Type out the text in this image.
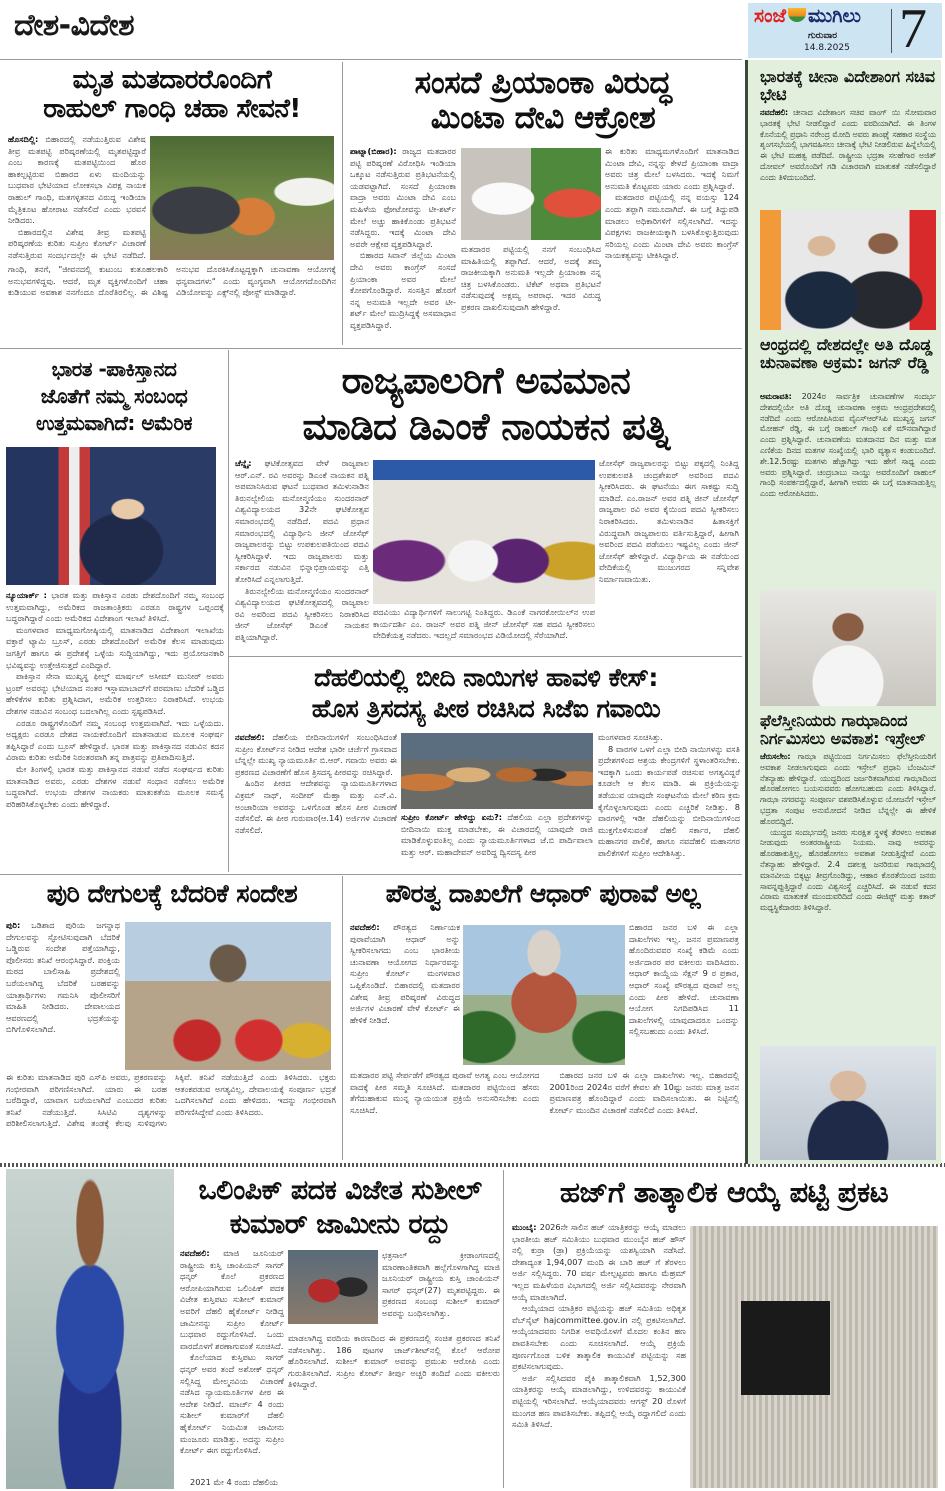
ದೇಶ-ವಿದೇಶ	ಸಂಜೆ ಮುಗಿಲು
ಗುರುವಾರ
14.8.2025 7
ಮೃತ ಮತದಾರರೊಂದಿಗೆ
ರಾಹುಲ್ ಗಾಂಧಿ ಚಹಾ ಸೇವನೆ!

ಹೊಸದಿಲ್ಲಿ: ಬಿಹಾರದಲ್ಲಿ ನಡೆಯುತ್ತಿರುವ ವಿಶೇಷ ತೀವ್ರ ಮತಪಟ್ಟಿ ಪರಿಷ್ಕರಣೆಯಲ್ಲಿ ಮೃತಪಟ್ಟಿದ್ದಾರೆ ಎಂಬ ಕಾರಣಕ್ಕೆ ಮತಪಟ್ಟಿಯಿಂದ ಹೊರ ಹಾಕಲ್ಪಟ್ಟಿರುವ ಬಿಹಾರದ ಏಳು ಮಂದಿಯನ್ನು ಬುಧವಾರ ಭೇಟಿಯಾದ ಲೋಕಸಭಾ ವಿಪಕ್ಷ ನಾಯಕ ರಾಹುಲ್ ಗಾಂಧಿ, ಮತಗಳ್ಳತನದ ವಿರುದ್ಧ ಇಂಡಿಯಾ ಮೈತ್ರಿಕೂಟ ಹೋರಾಟ ನಡೆಸಲಿದೆ ಎಂದು ಭರವಸೆ ನೀಡಿದರು.

ಬಿಹಾರದಲ್ಲಿನ ವಿಶೇಷ ತೀವ್ರ ಮತಪಟ್ಟಿ ಪರಿಷ್ಕರಣೆಯ ಕುರಿತು ಸುಪ್ರೀಂ ಕೋರ್ಟ್ ವಿಚಾರಣೆ ನಡೆಸುತ್ತಿರುವ ಸಂದರ್ಭದಲ್ಲೇ ಈ ಭೇಟಿ ನಡೆದಿದೆ.

ಗಾಂಧಿ, ತನಗೆ, "ಜೀವನದಲ್ಲಿ ಕುಟುಂಬ ಕುತೂಹಲಕಾರಿ ಅನುಭವಗಳಿದ್ದವು. ಆದರೆ, ಮೃತ ವ್ಯಕ್ತಿಗಳೊಂದಿಗೆ ಚಹಾ ಕುಡಿಯುವ ಅವಕಾಶ ನನಗೆಂದೂ ದೊರೆತಿರಲಿಲ್ಲ. ಈ ವಿಶಿಷ್ಟ ಅನುಭವ ದೊರಕಿಸಿಕೊಟ್ಟದ್ದಕ್ಕಾಗಿ ಚುನಾವಣಾ ಆಯೋಗಕ್ಕೆ ಧನ್ಯವಾದಗಳು" ಎಂದು ವ್ಯಂಗ್ಯವಾಗಿ ಆಯೋಗದೊಂದಿಗಿನ ವಿಡಿಯೋವನ್ನು ಎಕ್ಸ್‌ನಲ್ಲಿ ಪೋಸ್ಟ್ ಮಾಡಿದ್ದಾರೆ.

ಸಂಸದೆ ಪ್ರಿಯಾಂಕಾ ವಿರುದ್ಧ
ಮಿಂಟಾ ದೇವಿ ಆಕ್ರೋಶ

ಪಾಟ್ನಾ(ಬಿಹಾರ): ರಾಜ್ಯದ ಮತದಾರರ ಪಟ್ಟಿ ಪರಿಷ್ಕರಣೆ ವಿರೋಧಿಸಿ ಇಂಡಿಯಾ ಒಕ್ಕೂಟ ನಡೆಸುತ್ತಿರುವ ಪ್ರತಿಭಟನೆಯಲ್ಲಿ ಯಡವಟ್ಟಾಗಿದೆ. ಸಂಸದೆ ಪ್ರಿಯಾಂಕಾ ವಾದ್ರಾ ಅವರು ಮಿಂಟಾ ದೇವಿ ಎಂಬ ಮಹಿಳೆಯ ಫೋಟೋವನ್ನು ಟೀ-ಶರ್ಟ್ ಮೇಲೆ ಅಚ್ಚು ಹಾಕಿಕೊಂಡು ಪ್ರತಿಭಟನೆ ನಡೆಸಿದ್ದರು. ಇದಕ್ಕೆ ಮಿಂಟಾ ದೇವಿ ಅವರೇ ಆಕ್ಷೇಪ ವ್ಯಕ್ತಪಡಿಸಿದ್ದಾರೆ.

ಬಿಹಾರದ ಸಿವಾನ್ ಜಿಲ್ಲೆಯ ಮಿಂಟಾ ದೇವಿ ಅವರು ಕಾಂಗ್ರೆಸ್ ಸಂಸದೆ ಪ್ರಿಯಾಂಕಾ ಅವರ ಮೇಲೆ ಕೋಪಗೊಂಡಿದ್ದಾರೆ. ಸಂಸತ್ತಿನ ಹೊರಗೆ ನನ್ನ ಅನುಮತಿ ಇಲ್ಲದೇ ಅವರ ಟೀ-ಶರ್ಟ್ ಮೇಲೆ ಮುದ್ರಿಸಿದ್ದಕ್ಕೆ ಅಸಮಾಧಾನ ವ್ಯಕ್ತಪಡಿಸಿದ್ದಾರೆ.

ಮತದಾರರ ಪಟ್ಟಿಯಲ್ಲಿ ನನಗೆ ಸಂಬಂಧಿಸಿದ ಮಾಹಿತಿಯಲ್ಲಿ ತಪ್ಪಾಗಿದೆ. ಆದರೆ, ಅದಕ್ಕೆ ತಮ್ಮ ರಾಜಕೀಯಕ್ಕಾಗಿ ಅನುಮತಿ ಇಲ್ಲದೇ ಪ್ರಿಯಾಂಕಾ ನನ್ನ ಚಿತ್ರ ಬಳಸಿಕೊಂಡರು. ಟಿಕೆಟ್ ಅಥವಾ ಪ್ರತಿಭಟನೆ ನಡೆಸುವುದಕ್ಕೆ ಅಕ್ಷಮ್ಯ ಅಪರಾಧ. ಇದರ ವಿರುದ್ಧ ಪ್ರಕರಣ ದಾಖಲಿಸುವುದಾಗಿ ಹೇಳಿದ್ದಾರೆ.

ಈ ಕುರಿತು ಮಾಧ್ಯಮಗಳೊಂದಿಗೆ ಮಾತನಾಡಿದ ಮಿಂಟಾ ದೇವಿ, ನನ್ನನ್ನು ಕೇಳದೆ ಪ್ರಿಯಾಂಕಾ ವಾದ್ರಾ ಅವರು ಚಿತ್ರ ಮೇಲೆ ಬಳಸಿದರು. ಇದಕ್ಕೆ ನಿಮಗೆ ಅನುಮತಿ ಕೊಟ್ಟವರು ಯಾರು ಎಂದು ಪ್ರಶ್ನಿಸಿದ್ದಾರೆ.

ಮತದಾರರ ಪಟ್ಟಿಯಲ್ಲಿ ನನ್ನ ವಯಸ್ಸು 124 ಎಂದು ತಪ್ಪಾಗಿ ನಮೂದಾಗಿದೆ. ಈ ಬಗ್ಗೆ ತಿದ್ದುಪಡಿ ಮಾಡಲು ಅಧಿಕಾರಿಗಳಿಗೆ ಸಲ್ಲಿಸಲಾಗಿದೆ. ಇದನ್ನು ವಿಪಕ್ಷಗಳು ರಾಜಕೀಯಕ್ಕಾಗಿ ಬಳಸಿಕೊಳ್ಳುತ್ತಿರುವುದು ಸರಿಯಲ್ಲ ಎಂದು ಮಿಂಟಾ ದೇವಿ ಅವರು ಕಾಂಗ್ರೆಸ್ ನಾಯಕತ್ವವನ್ನು ಟೀಕಿಸಿದ್ದಾರೆ.

ಭಾರತ -ಪಾಕಿಸ್ತಾನದ
ಜೊತೆಗೆ ನಮ್ಮ ಸಂಬಂಧ
ಉತ್ತಮವಾಗಿದೆ: ಅಮೆರಿಕ

ನ್ಯೂಯಾರ್ಕ್ : ಭಾರತ ಮತ್ತು ಪಾಕಿಸ್ತಾನ ಎರಡು ದೇಶದೊಂದಿಗೆ ನಮ್ಮ ಸಂಬಂಧ ಉತ್ತಮವಾಗಿದ್ದು, ಅಮೆರಿಕದ ರಾಜತಾಂತ್ರಿಕರು ಎರಡೂ ರಾಷ್ಟ್ರಗಳ ಒಪ್ಪಂದಕ್ಕೆ ಬದ್ಧರಾಗಿದ್ದಾರೆ ಎಂದು ಅಮೆರಿಕದ ವಿದೇಶಾಂಗ ಇಲಾಖೆ ತಿಳಿಸಿದೆ.

ಮಂಗಳವಾರ ಮಾಧ್ಯಮಗೋಷ್ಠಿಯಲ್ಲಿ ಮಾತನಾಡಿದ ವಿದೇಶಾಂಗ ಇಲಾಖೆಯ ವಕ್ತಾರೆ ಟ್ಯಾಮಿ ಬ್ರೂಸ್, ಎರಡು ದೇಶದೊಂದಿಗೆ ಅಮೆರಿಕ ಕೆಲಸ ಮಾಡುವುದು ಜಗತ್ತಿಗೆ ಹಾಗೂ ಈ ಪ್ರದೇಶಕ್ಕೆ ಒಳ್ಳೆಯ ಸುದ್ದಿಯಾಗಿದ್ದು, ಇದು ಪ್ರಯೋಜನಕಾರಿ ಭವಿಷ್ಯವನ್ನು ಉತ್ತೇಜಿಸುತ್ತದೆ ಎಂದಿದ್ದಾರೆ.

ಪಾಕಿಸ್ತಾನ ಸೇನಾ ಮುಖ್ಯಸ್ಥ ಫೀಲ್ಡ್ ಮಾರ್ಷಲ್ ಅಸೀಮ್ ಮುನೀರ್ ಅವರು ಟ್ರಂಪ್ ಅವರನ್ನು ಭೇಟಿಯಾದ ನಂತರ ಇಸ್ಲಾಮಾಬಾದ್‌ಗೆ ಪರಮಾಣು ಬೆದರಿಕೆ ಒಡ್ಡಿದ ಹೇಳಿಕೆಗಳ ಕುರಿತು ಪ್ರಶ್ನಿಸಿದಾಗ, ಅಮೆರಿಕ ಉತ್ತರಿಸಲು ನಿರಾಕರಿಸಿದೆ. ಉಭಯ ದೇಶಗಳ ನಡುವಿನ ಸಂಬಂಧ ಬದಲಾಗಿಲ್ಲ ಎಂದು ಸ್ಪಷ್ಟಪಡಿಸಿದೆ.

ಎರಡೂ ರಾಷ್ಟ್ರಗಳೊಂದಿಗೆ ನಮ್ಮ ಸಂಬಂಧ ಉತ್ತಮವಾಗಿದೆ. ಇದು ಒಳ್ಳೆಯದು. ಅಧ್ಯಕ್ಷರು ಎರಡೂ ದೇಶದ ನಾಯಕರೊಂದಿಗೆ ಮಾತನಾಡುವ ಮೂಲಕ ಸಂಘರ್ಷ ತಪ್ಪಿಸಿದ್ದಾರೆ ಎಂದು ಬ್ರೂಸ್ ಹೇಳಿದ್ದಾರೆ. ಭಾರತ ಮತ್ತು ಪಾಕಿಸ್ತಾನದ ನಡುವಿನ ಕದನ ವಿರಾಮ ಕುರಿತು ಅಮೆರಿಕ ನಿರಂತರವಾಗಿ ತನ್ನ ಪಾತ್ರವನ್ನು ಪ್ರತಿಪಾದಿಸುತ್ತಿದೆ.

ಮೇ ತಿಂಗಳಲ್ಲಿ ಭಾರತ ಮತ್ತು ಪಾಕಿಸ್ತಾನದ ನಡುವೆ ನಡೆದ ಸಂಘರ್ಷದ ಕುರಿತು ಮಾತನಾಡಿದ ಅವರು, ಎರಡು ದೇಶಗಳ ನಡುವೆ ಸಂಧಾನ ನಡೆಸಲು ಅಮೆರಿಕ ಬದ್ಧವಾಗಿದೆ. ಉಭಯ ದೇಶಗಳ ನಾಯಕರು ಮಾತುಕತೆಯ ಮೂಲಕ ಸಮಸ್ಯೆ ಪರಿಹರಿಸಿಕೊಳ್ಳಬೇಕು ಎಂದು ಹೇಳಿದ್ದಾರೆ.

ರಾಜ್ಯಪಾಲರಿಗೆ ಅವಮಾನ
ಮಾಡಿದ ಡಿಎಂಕೆ ನಾಯಕನ ಪತ್ನಿ

ಚೆನ್ನೈ: ಘಟಿಕೋತ್ಸವದ ವೇಳೆ ರಾಜ್ಯಪಾಲ ಆರ್.ಎನ್. ರವಿ ಅವರನ್ನು ಡಿಎಂಕೆ ನಾಯಕನ ಪತ್ನಿ ಅಪಮಾನಿಸಿರುವ ಘಟನೆ ಬುಧವಾರ ತಮಿಳುನಾಡಿನ ತಿರುನಲ್ವೇಲಿಯ ಮನೋನ್ಮಣಿಯಂ ಸುಂದರನಾರ್ ವಿಶ್ವವಿದ್ಯಾಲಯದ 32ನೇ ಘಟಿಕೋತ್ಸವ ಸಮಾರಂಭದಲ್ಲಿ ನಡೆದಿದೆ. ಪದವಿ ಪ್ರಧಾನ ಸಮಾರಂಭದಲ್ಲಿ ವಿದ್ಯಾರ್ಥಿನಿ ಜೀನ್ ಜೋಸೆಫ್ ರಾಜ್ಯಪಾಲರನ್ನು ಬಿಟ್ಟು ಉಪಕುಲಪತಿಯಿಂದ ಪದವಿ ಸ್ವೀಕರಿಸಿದ್ದಾಳೆ. ಇದು ರಾಜ್ಯಪಾಲರು ಮತ್ತು ಸರ್ಕಾರದ ನಡುವಿನ ಭಿನ್ನಾಭಿಪ್ರಾಯವನ್ನು ಎತ್ತಿ ತೋರಿಸಿದೆ ಎನ್ನಲಾಗುತ್ತಿದೆ.

ತಿರುನಲ್ವೇಲಿಯ ಮನೋನ್ಮಣಿಯಂ ಸುಂದರನಾರ್ ವಿಶ್ವವಿದ್ಯಾಲಯದ ಘಟಿಕೋತ್ಸವದಲ್ಲಿ ರಾಜ್ಯಪಾಲ ರವಿ ಅವರಿಂದ ಪದವಿ ಸ್ವೀಕರಿಸಲು ನಿರಾಕರಿಸಿದ ಜೀನ್ ಜೋಸೆಫ್ ಡಿಎಂಕೆ ನಾಯಕನ ಪತ್ನಿಯಾಗಿದ್ದಾರೆ.

ಪದವಿಯು ವಿದ್ಯಾರ್ಥಿಗಳಿಗೆ ಸಾಲುಗಟ್ಟಿ ನಿಂತಿದ್ದರು. ಡಿಎಂಕೆ ನಾಗರಕೋಯಿಲ್‌ನ ಉಪ ಕಾರ್ಯದರ್ಶಿ ಎಂ. ರಾಜನ್ ಅವರ ಪತ್ನಿ ಜೀನ್ ಜೋಸೆಫ್ ಸಹ ಪದವಿ ಸ್ವೀಕರಿಸಲು ವೇದಿಕೆಯತ್ತ ನಡೆದರು. ಇದಲ್ಲದೆ ಸಮಾರಂಭದ ವಿಡಿಯೋದಲ್ಲಿ ಸೆರೆಯಾಗಿದೆ.

ಜೋಸೆಫ್ ರಾಜ್ಯಪಾಲರನ್ನು ಬಿಟ್ಟು ಪಕ್ಕದಲ್ಲಿ ನಿಂತಿದ್ದ ಉಪಕುಲಪತಿ ಚಂದ್ರಶೇಖರ್ ಅವರಿಂದ ಪದವಿ ಸ್ವೀಕರಿಸಿದರು. ಈ ಘಟನೆಯು ಈಗ ಸಾಕಷ್ಟು ಸುದ್ದಿ ಮಾಡಿದೆ. ಎಂ.ರಾಜನ್ ಅವರ ಪತ್ನಿ ಜೀನ್ ಜೋಸೆಫ್ ರಾಜ್ಯಪಾಲ ರವಿ ಅವರ ಕೈಯಿಂದ ಪದವಿ ಸ್ವೀಕರಿಸಲು ನಿರಾಕರಿಸಿದರು. ತಮಿಳುನಾಡಿನ ಹಿತಾಸಕ್ತಿಗೆ ವಿರುದ್ಧವಾಗಿ ರಾಜ್ಯಪಾಲರು ವರ್ತಿಸುತ್ತಿದ್ದಾರೆ, ಹೀಗಾಗಿ ಅವರಿಂದ ಪದವಿ ಪಡೆಯಲು ಇಷ್ಟವಿಲ್ಲ ಎಂದು ಜೀನ್ ಜೋಸೆಫ್ ಹೇಳಿದ್ದಾರೆ. ವಿದ್ಯಾರ್ಥಿಯ ಈ ನಡೆಯಿಂದ ವೇದಿಕೆಯಲ್ಲಿ ಮುಜುಗರದ ಸನ್ನಿವೇಶ ನಿರ್ಮಾಣವಾಯಿತು.

ದೆಹಲಿಯಲ್ಲಿ ಬೀದಿ ನಾಯಿಗಳ ಹಾವಳಿ ಕೇಸ್:
ಹೊಸ ತ್ರಿಸದಸ್ಯ ಪೀಠ ರಚಿಸಿದ ಸಿಜೆಐ ಗವಾಯಿ

ನವದೆಹಲಿ: ದೆಹಲಿಯ ಬೀದಿನಾಯಿಗಳಿಗೆ ಸಂಬಂಧಿಸಿದಂತೆ ಸುಪ್ರೀಂ ಕೋರ್ಟ್‌ನ ನೀಡಿದ ಆದೇಶ ಭಾರೀ ಚರ್ಚೆಗೆ ಗ್ರಾಸವಾದ ಬೆನ್ನಲ್ಲೇ ಮುಖ್ಯ ನ್ಯಾಯಮೂರ್ತಿ ಬಿ.ಆರ್. ಗವಾಯಿ ಅವರು ಈ ಪ್ರಕರಣದ ವಿಚಾರಣೆಗೆ ಹೊಸ ತ್ರಿಸದಸ್ಯ ಪೀಠವನ್ನು ರಚಿಸಿದ್ದಾರೆ.

ಹಿಂದಿನ ಪೀಠದ ಆದೇಶವನ್ನು ನ್ಯಾಯಮೂರ್ತಿಗಳಾದ ವಿಕ್ರಮ್ ನಾಥ್, ಸಂದೀಪ್ ಮೆಹ್ತಾ ಮತ್ತು ಎನ್.ವಿ. ಅಂಜಾರಿಯಾ ಅವರನ್ನು ಒಳಗೊಂಡ ಹೊಸ ಪೀಠ ವಿಚಾರಣೆ ನಡೆಸಲಿದೆ. ಈ ಪೀಠ ಗುರುವಾರ(ಆ.14) ಅರ್ಜಿಗಳ ವಿಚಾರಣೆ ನಡೆಸಲಿದೆ.

ಸುಪ್ರೀಂ ಕೋರ್ಟ್ ಹೇಳಿದ್ದು ಏನು?: ದೆಹಲಿಯ ಎಲ್ಲಾ ಪ್ರದೇಶಗಳನ್ನು ಬೀದಿನಾಯಿ ಮುಕ್ತ ಮಾಡಬೇಕು, ಈ ವಿಚಾರದಲ್ಲಿ ಯಾವುದೇ ರಾಜಿ ಮಾಡಿಕೊಳ್ಳುವಂತಿಲ್ಲ ಎಂದು ನ್ಯಾಯಮೂರ್ತಿಗಳಾದ ಜೆ.ಬಿ ಪಾರ್ದಿವಾಲಾ ಮತ್ತು ಆರ್. ಮಹಾದೇವನ್ ಅವರಿದ್ದ ದ್ವಿಸದಸ್ಯ ಪೀಠ

ಮಂಗಳವಾರ ಸೂಚಿಸಿತ್ತು.

8 ವಾರಗಳ ಒಳಗೆ ಎಲ್ಲಾ ಬೀದಿ ನಾಯಿಗಳನ್ನು ವಸತಿ ಪ್ರದೇಶಗಳಿಂದ ಆಶ್ರಯ ಕೇಂದ್ರಗಳಿಗೆ ಸ್ಥಳಾಂತರಿಸಬೇಕು. ಇದಕ್ಕಾಗಿ ಒಂದು ಕಾರ್ಯಪಡೆ ರಚಿಸುವ ಅಗತ್ಯವಿದ್ದರೆ ಕೂಡಲೇ ಆ ಕೆಲಸ ಮಾಡಿ. ಈ ಪ್ರಕ್ರಿಯೆಯನ್ನು ತಡೆಯುವ ಯಾವುದೇ ಸಂಘಟನೆಯ ಮೇಲೆ ಕಠಿಣ ಕ್ರಮ ಕೈಗೊಳ್ಳಲಾಗುವುದು ಎಂದು ಎಚ್ಚರಿಕೆ ನೀಡಿತ್ತು. 8 ವಾರಗಳಲ್ಲಿ ಇಡೀ ದೆಹಲಿಯನ್ನು ಬೀದಿನಾಯಿಗಳಿಂದ ಮುಕ್ತಗೊಳಿಸುವಂತೆ ದೆಹಲಿ ಸರ್ಕಾರ, ದೆಹಲಿ ಮಹಾನಗರ ಪಾಲಿಕೆ, ಹಾಗೂ ನವದೆಹಲಿ ಮಹಾನಗರ ಪಾಲಿಕೆಗಳಿಗೆ ಸುಪ್ರೀಂ ಆದೇಶಿಸಿತ್ತು.

ಪುರಿ ದೇಗುಲಕ್ಕೆ ಬೆದರಿಕೆ ಸಂದೇಶ

ಪುರಿ: ಒಡಿಶಾದ ಪುರಿಯ ಜಗನ್ನಾಥ ದೇಗುಲವನ್ನು ಸ್ಫೋಟಿಸುವುದಾಗಿ ಬೆದರಿಕೆ ಒಡ್ಡಿರುವ ಸಂದೇಶ ಪತ್ತೆಯಾಗಿದ್ದು, ಪೊಲೀಸರು ತನಿಖೆ ಆರಂಭಿಸಿದ್ದಾರೆ. ಪಂಕ್ತಿಯ ಮಠದ ಬಾಲಿಸಾಹಿ ಪ್ರದೇಶದಲ್ಲಿ ಬರೆಯಲಾಗಿದ್ದ ಬೆದರಿಕೆ ಬರಹವನ್ನು ಯಾತ್ರಾರ್ಥಿಗಳು ಗಮನಿಸಿ ಪೊಲೀಸರಿಗೆ ಮಾಹಿತಿ ನೀಡಿದರು. ದೇವಾಲಯದ ಆವರಣದಲ್ಲಿ ಭದ್ರತೆಯನ್ನು ಬಿಗಿಗೊಳಿಸಲಾಗಿದೆ.

ಈ ಕುರಿತು ಮಾತನಾಡಿದ ಪುರಿ ಎಸ್‌ಪಿ ಅವರು, ಪ್ರಕರಣವನ್ನು ಗಂಭೀರವಾಗಿ ಪರಿಗಣಿಸಲಾಗಿದೆ. ಯಾರು ಈ ಬರಹ ಬರೆದಿದ್ದಾರೆ, ಯಾವಾಗ ಬರೆಯಲಾಗಿದೆ ಎಂಬುದರ ಕುರಿತು ತನಿಖೆ ನಡೆಯುತ್ತಿದೆ. ಸಿಸಿಟಿವಿ ದೃಶ್ಯಗಳನ್ನು ಪರಿಶೀಲಿಸಲಾಗುತ್ತಿದೆ. ವಿಶೇಷ ತಂಡಕ್ಕೆ ಕೆಲವು ಸುಳಿವುಗಳು ಸಿಕ್ಕಿವೆ. ತನಿಖೆ ನಡೆಯುತ್ತಿದೆ ಎಂದು ತಿಳಿಸಿದರು. ಭಕ್ತರು ಆತಂಕಪಡುವ ಅಗತ್ಯವಿಲ್ಲ, ದೇವಾಲಯಕ್ಕೆ ಸಂಪೂರ್ಣ ಭದ್ರತೆ ಒದಗಿಸಲಾಗಿದೆ ಎಂದು ಹೇಳಿದರು. ಇದನ್ನು ಗಂಭೀರವಾಗಿ ಪರಿಗಣಿಸಿದ್ದೇವೆ ಎಂದು ತಿಳಿಸಿದರು.

ಪೌರತ್ವ ದಾಖಲೆಗೆ ಆಧಾರ್ ಪುರಾವೆ ಅಲ್ಲ

ನವದೆಹಲಿ: ಪೌರತ್ವದ ನಿರ್ಣಾಯಕ ಪುರಾವೆಯಾಗಿ ಆಧಾರ್ ಅನ್ನು ಸ್ವೀಕರಿಸಲಾಗದು ಎಂಬ ಭಾರತೀಯ ಚುನಾವಣಾ ಆಯೋಗದ ನಿರ್ಧಾರವನ್ನು ಸುಪ್ರೀಂ ಕೋರ್ಟ್ ಮಂಗಳವಾರ ಒಪ್ಪಿಕೊಂಡಿದೆ. ಬಿಹಾರದಲ್ಲಿ ಮತದಾರರ ವಿಶೇಷ ತೀವ್ರ ಪರಿಷ್ಕರಣೆ ವಿರುದ್ಧದ ಅರ್ಜಿಗಳ ವಿಚಾರಣೆ ವೇಳೆ ಕೋರ್ಟ್ ಈ ಹೇಳಿಕೆ ನೀಡಿದೆ.

ಬಿಹಾರದ ಜನರ ಬಳಿ ಈ ಎಲ್ಲಾ ದಾಖಲೆಗಳು ಇಲ್ಲ. ಜನನ ಪ್ರಮಾಣಪತ್ರ ಹೊಂದಿರುವವರ ಸಂಖ್ಯೆ ಕಡಿಮೆ ಎಂದು ಅರ್ಜಿದಾರರ ಪರ ವಕೀಲರು ವಾದಿಸಿದರು. ಆಧಾರ್ ಕಾಯ್ದೆಯ ಸೆಕ್ಷನ್ 9 ರ ಪ್ರಕಾರ, ಆಧಾರ್ ಸಂಖ್ಯೆ ಪೌರತ್ವದ ಪುರಾವೆ ಅಲ್ಲ ಎಂದು ಪೀಠ ಹೇಳಿದೆ. ಚುನಾವಣಾ ಆಯೋಗ ನಿಗದಿಪಡಿಸಿದ 11 ದಾಖಲೆಗಳಲ್ಲಿ ಯಾವುದಾದರೂ ಒಂದನ್ನು ಸಲ್ಲಿಸಬಹುದು ಎಂದು ತಿಳಿಸಿದೆ.

ಮತದಾರರ ಪಟ್ಟಿ ಸೇರ್ಪಡೆಗೆ ಪೌರತ್ವದ ಪುರಾವೆ ಅಗತ್ಯ ಎಂಬ ಆಯೋಗದ ವಾದಕ್ಕೆ ಪೀಠ ಸಮ್ಮತಿ ಸೂಚಿಸಿದೆ. ಮತದಾರರ ಪಟ್ಟಿಯಿಂದ ಹೆಸರು ತೆಗೆದುಹಾಕುವ ಮುನ್ನ ನ್ಯಾಯಯುತ ಪ್ರಕ್ರಿಯೆ ಅನುಸರಿಸಬೇಕು ಎಂದು ಸೂಚಿಸಿದೆ.

ಬಿಹಾರದ ಜನರ ಬಳಿ ಈ ಎಲ್ಲಾ ದಾಖಲೆಗಳು ಇಲ್ಲ. ಬಿಹಾರದಲ್ಲಿ 2001ರಿಂದ 2024ರ ವರೆಗೆ ಕೇವಲ ಶೇ 10ಷ್ಟು ಜನರು ಮಾತ್ರ ಜನನ ಪ್ರಮಾಣಪತ್ರ ಹೊಂದಿದ್ದಾರೆ ಎಂದು ವಾದಿಸಲಾಯಿತು. ಈ ನಿಟ್ಟಿನಲ್ಲಿ ಕೋರ್ಟ್ ಮುಂದಿನ ವಿಚಾರಣೆ ನಡೆಸಲಿದೆ ಎಂದು ತಿಳಿಸಿದೆ.

ಒಲಿಂಪಿಕ್ ಪದಕ ವಿಜೇತ ಸುಶೀಲ್
ಕುಮಾರ್ ಜಾಮೀನು ರದ್ದು

ನವದೆಹಲಿ: ಮಾಜಿ ಜೂನಿಯರ್ ರಾಷ್ಟ್ರೀಯ ಕುಸ್ತಿ ಚಾಂಪಿಯನ್ ಸಾಗರ್ ಧನ್ಕರ್ ಕೊಲೆ ಪ್ರಕರಣದ ಆರೋಪಿಯಾಗಿರುವ ಒಲಿಂಪಿಕ್ ಪದಕ ವಿಜೇತ ಕುಸ್ತಿಪಟು ಸುಶೀಲ್ ಕುಮಾರ್ ಅವರಿಗೆ ದೆಹಲಿ ಹೈಕೋರ್ಟ್ ನೀಡಿದ್ದ ಜಾಮೀನನ್ನು ಸುಪ್ರೀಂ ಕೋರ್ಟ್ ಬುಧವಾರ ರದ್ದುಗೊಳಿಸಿದೆ. ಒಂದು ವಾರದೊಳಗೆ ಶರಣಾಗುವಂತೆ ಸೂಚಿಸಿದೆ.

ಕೊಲೆಯಾದ ಕುಸ್ತಿಪಟು ಸಾಗರ್ ಧನ್ಕರ್ ಅವರ ತಂದೆ ಅಶೋಕ್ ಧನ್ಕರ್ ಸಲ್ಲಿಸಿದ್ದ ಮೇಲ್ಮನವಿಯ ವಿಚಾರಣೆ ನಡೆಸಿದ ನ್ಯಾಯಮೂರ್ತಿಗಳ ಪೀಠ ಈ ಆದೇಶ ನೀಡಿದೆ. ಮಾರ್ಚ್ 4 ರಂದು ಸುಶೀಲ್ ಕುಮಾರ್‌ಗೆ ದೆಹಲಿ ಹೈಕೋರ್ಟ್ ನಿಯಮಿತ ಜಾಮೀನು ಮಂಜೂರು ಮಾಡಿತ್ತು. ಅದನ್ನು ಸುಪ್ರೀಂ ಕೋರ್ಟ್ ಈಗ ರದ್ದುಗೊಳಿಸಿದೆ.

2021 ಮೇ 4 ರಂದು ದೆಹಲಿಯ

ಛತ್ರಸಾಲ್ ಕ್ರೀಡಾಂಗಣದಲ್ಲಿ ಮಾರಣಾಂತಿಕವಾಗಿ ಹಲ್ಲೆಗೊಳಗಾಗಿದ್ದ ಮಾಜಿ ಜೂನಿಯರ್ ರಾಷ್ಟ್ರೀಯ ಕುಸ್ತಿ ಚಾಂಪಿಯನ್ ಸಾಗರ್ ಧನ್ಕರ್(27) ಮೃತಪಟ್ಟಿದ್ದರು. ಈ ಪ್ರಕರಣದ ಸಂಬಂಧ ಸುಶೀಲ್ ಕುಮಾರ್ ಅವರನ್ನು ಬಂಧಿಸಲಾಗಿತ್ತು.

ಮಾಡಲಾಗಿದ್ದ ವರದಿಯ ಕಾರಣದಿಂದ ಈ ಪ್ರಕರಣದಲ್ಲಿ ಸಂಚಿತ ಪ್ರಕರಣದ ತನಿಖೆ ನಡೆಸಲಾಗಿತ್ತು. 186 ಪುಟಗಳ ಚಾರ್ಜ್‌ಶೀಟ್‌ನಲ್ಲಿ ಕೊಲೆ ಆರೋಪ ಹೊರಿಸಲಾಗಿದೆ. ಸುಶೀಲ್ ಕುಮಾರ್ ಅವರನ್ನು ಪ್ರಮುಖ ಆರೋಪಿ ಎಂದು ಗುರುತಿಸಲಾಗಿದೆ. ಸುಪ್ರೀಂ ಕೋರ್ಟ್ ತೀರ್ಪು ಅಚ್ಚರಿ ತಂದಿದೆ ಎಂದು ವಕೀಲರು ತಿಳಿಸಿದ್ದಾರೆ.

ಹಜ್‌ಗೆ ತಾತ್ಕಾಲಿಕ ಆಯ್ಕೆ ಪಟ್ಟಿ ಪ್ರಕಟ

ಮುಂಬೈ: 2026ನೇ ಸಾಲಿನ ಹಜ್ ಯಾತ್ರಿಕರನ್ನು ಆಯ್ಕೆ ಮಾಡಲು ಭಾರತೀಯ ಹಜ್ ಸಮಿತಿಯು ಬುಧವಾರ ಮುಂಬೈನ ಹಜ್ ಹೌಸ್ ನಲ್ಲಿ ಕುರ್ರಾ (ಡ್ರಾ) ಪ್ರಕ್ರಿಯೆಯನ್ನು ಯಶಸ್ವಿಯಾಗಿ ನಡೆಸಿದೆ. ದೇಶಾದ್ಯಂತ 1,94,007 ಮಂದಿ ಈ ಬಾರಿ ಹಜ್ ಗೆ ತೆರಳಲು ಅರ್ಜಿ ಸಲ್ಲಿಸಿದ್ದರು. 70 ವರ್ಷ ಮೇಲ್ಪಟ್ಟವರು ಹಾಗೂ ಮೆಹ್ರಮ್ ಇಲ್ಲದ ಮಹಿಳೆಯರ ವಿಭಾಗದಲ್ಲಿ ಅರ್ಜಿ ಸಲ್ಲಿಸಿದವರನ್ನು ನೇರವಾಗಿ ಆಯ್ಕೆ ಮಾಡಲಾಗಿದೆ.

ಆಯ್ಕೆಯಾದ ಯಾತ್ರಿಕರ ಪಟ್ಟಿಯನ್ನು ಹಜ್ ಸಮಿತಿಯ ಅಧಿಕೃತ ವೆಬ್‌ಸೈಟ್ hajcommittee.gov.in ನಲ್ಲಿ ಪ್ರಕಟಿಸಲಾಗಿದೆ. ಆಯ್ಕೆಯಾದವರು ನಿಗದಿತ ಅವಧಿಯೊಳಗೆ ಮೊದಲ ಕಂತಿನ ಹಣ ಪಾವತಿಸಬೇಕು ಎಂದು ಸೂಚಿಸಲಾಗಿದೆ. ಆಯ್ಕೆ ಪ್ರಕ್ರಿಯೆ ಪೂರ್ಣಗೊಂಡ ಬಳಿಕ ತಾತ್ಕಾಲಿಕ ಕಾಯುವಿಕೆ ಪಟ್ಟಿಯನ್ನು ಸಹ ಪ್ರಕಟಿಸಲಾಗುವುದು.

ಅರ್ಜಿ ಸಲ್ಲಿಸಿದವರ ಪೈಕಿ ತಾತ್ಕಾಲಿಕವಾಗಿ 1,52,300 ಯಾತ್ರಿಕರನ್ನು ಆಯ್ಕೆ ಮಾಡಲಾಗಿದ್ದು, ಉಳಿದವರನ್ನು ಕಾಯುವಿಕೆ ಪಟ್ಟಿಯಲ್ಲಿ ಇರಿಸಲಾಗಿದೆ. ಆಯ್ಕೆಯಾದವರು ಆಗಸ್ಟ್ 20 ರೊಳಗೆ ಮುಂಗಡ ಹಣ ಪಾವತಿಸಬೇಕು. ತಪ್ಪಿದಲ್ಲಿ ಆಯ್ಕೆ ರದ್ದಾಗಲಿದೆ ಎಂದು ಸಮಿತಿ ತಿಳಿಸಿದೆ.

ಭಾರತಕ್ಕೆ ಚೀನಾ ವಿದೇಶಾಂಗ ಸಚಿವ ಭೇಟಿ

ನವದೆಹಲಿ: ಚೀನಾದ ವಿದೇಶಾಂಗ ಸಚಿವ ವಾಂಗ್ ಯಿ ಸೋಮವಾರ ಭಾರತಕ್ಕೆ ಭೇಟಿ ನೀಡಲಿದ್ದಾರೆ ಎಂದು ವರದಿಯಾಗಿದೆ. ಈ ತಿಂಗಳ ಕೊನೆಯಲ್ಲಿ ಪ್ರಧಾನಿ ನರೇಂದ್ರ ಮೋದಿ ಅವರು ಶಾಂಘೈ ಸಹಕಾರ ಸಂಸ್ಥೆಯ ಶೃಂಗಸಭೆಯಲ್ಲಿ ಭಾಗವಹಿಸಲು ಚೀನಾಕ್ಕೆ ಭೇಟಿ ನೀಡಲಿರುವ ಹಿನ್ನೆಲೆಯಲ್ಲಿ ಈ ಭೇಟಿ ಮಹತ್ವ ಪಡೆದಿದೆ. ರಾಷ್ಟ್ರೀಯ ಭದ್ರತಾ ಸಲಹೆಗಾರ ಅಜಿತ್ ದೋವಲ್ ಅವರೊಂದಿಗೆ ಗಡಿ ವಿಚಾರವಾಗಿ ಮಾತುಕತೆ ನಡೆಸಲಿದ್ದಾರೆ ಎಂದು ತಿಳಿದುಬಂದಿದೆ.

ಆಂಧ್ರದಲ್ಲಿ ದೇಶದಲ್ಲೇ ಅತಿ ದೊಡ್ಡ ಚುನಾವಣಾ ಅಕ್ರಮ: ಜಗನ್ ರೆಡ್ಡಿ

ಅಮರಾವತಿ: 2024ರ ಸಾರ್ವತ್ರಿಕ ಚುನಾವಣೆಗಳ ಸಂದರ್ಭ ದೇಶದಲ್ಲಿಯೇ ಅತಿ ದೊಡ್ಡ ಚುನಾವಣಾ ಅಕ್ರಮ ಆಂಧ್ರಪ್ರದೇಶದಲ್ಲಿ ನಡೆದಿದೆ ಎಂದು ಆರೋಪಿಸಿರುವ ವೈಎಸ್‌ಆರ್‌ಸಿಪಿ ಮುಖ್ಯಸ್ಥ ಜಗನ್ ಮೋಹನ್ ರೆಡ್ಡಿ, ಈ ಬಗ್ಗೆ ರಾಹುಲ್ ಗಾಂಧಿ ಏಕೆ ಮೌನವಾಗಿದ್ದಾರೆ ಎಂದು ಪ್ರಶ್ನಿಸಿದ್ದಾರೆ. ಚುನಾವಣೆಯ ಮತದಾನದ ದಿನ ಮತ್ತು ಮತ ಎಣಿಕೆಯ ದಿನದ ಮತಗಳ ಸಂಖ್ಯೆಯಲ್ಲಿ ಭಾರಿ ವ್ಯತ್ಯಾಸ ಕಂಡುಬಂದಿದೆ. ಶೇ.12.5ರಷ್ಟು ಮತಗಳು ಹೆಚ್ಚಾಗಿದ್ದು ಇದು ಹೇಗೆ ಸಾಧ್ಯ ಎಂದು ಅವರು ಪ್ರಶ್ನಿಸಿದ್ದಾರೆ. ಚಂದ್ರಬಾಬು ನಾಯ್ಡು ಅವರೊಂದಿಗೆ ರಾಹುಲ್ ಗಾಂಧಿ ಸಂಪರ್ಕದಲ್ಲಿದ್ದಾರೆ, ಹೀಗಾಗಿ ಅವರು ಈ ಬಗ್ಗೆ ಮಾತನಾಡುತ್ತಿಲ್ಲ ಎಂದು ಆರೋಪಿಸಿದರು.

ಫೆಲೆಸ್ತೀನಿಯರು ಗಾಝಾದಿಂದ ನಿರ್ಗಮಿಸಲು ಅವಕಾಶ: ಇಸ್ರೇಲ್

ಜೆರುಸಲೇಂ: ಗಾಝಾ ಪಟ್ಟಿಯಿಂದ ನಿರ್ಗಮಿಸಲು ಫೆಲೆಸ್ತೀನಿಯರಿಗೆ ಅವಕಾಶ ನೀಡಲಾಗುವುದು ಎಂದು ಇಸ್ರೇಲ್ ಪ್ರಧಾನಿ ಬೆಂಜಮಿನ್ ನೆತನ್ಯಾಹು ಹೇಳಿದ್ದಾರೆ. ಯುದ್ಧದಿಂದ ಜರ್ಜರಿತವಾಗಿರುವ ಗಾಝಾದಿಂದ ಹೊರಹೋಗಲು ಬಯಸುವವರು ಹೋಗಬಹುದು ಎಂದು ತಿಳಿಸಿದ್ದಾರೆ. ಗಾಝಾ ನಗರವನ್ನು ಸಂಪೂರ್ಣ ವಶಪಡಿಸಿಕೊಳ್ಳುವ ಯೋಜನೆಗೆ ಇಸ್ರೇಲ್ ಭದ್ರತಾ ಸಂಪುಟ ಅನುಮೋದನೆ ನೀಡಿದ ಬೆನ್ನಲ್ಲೇ ಈ ಹೇಳಿಕೆ ಹೊರಬಿದ್ದಿದೆ.

ಯುದ್ಧದ ಸಂದರ್ಭದಲ್ಲಿ ಜನರು ಸುರಕ್ಷಿತ ಸ್ಥಳಕ್ಕೆ ತೆರಳಲು ಅವಕಾಶ ನೀಡುವುದು ಅಂತರರಾಷ್ಟ್ರೀಯ ನಿಯಮ. ನಾವು ಅವರನ್ನು ಹೊರಹಾಕುತ್ತಿಲ್ಲ, ಹೊರಹೋಗಲು ಅವಕಾಶ ನೀಡುತ್ತಿದ್ದೇವೆ ಎಂದು ನೆತನ್ಯಾಹು ಹೇಳಿದ್ದಾರೆ. 2.4 ದಶಲಕ್ಷ ಜನರಿರುವ ಗಾಝಾದಲ್ಲಿ ಮಾನವೀಯ ಬಿಕ್ಕಟ್ಟು ತೀವ್ರಗೊಂಡಿದ್ದು, ಆಹಾರ ಕೊರತೆಯಿಂದ ಜನರು ಸಾವನ್ನಪ್ಪುತ್ತಿದ್ದಾರೆ ಎಂದು ವಿಶ್ವಸಂಸ್ಥೆ ಎಚ್ಚರಿಸಿದೆ. ಈ ನಡುವೆ ಕದನ ವಿರಾಮ ಮಾತುಕತೆ ಮುಂದುವರಿದಿದೆ ಎಂದು ಈಜಿಪ್ಟ್ ಮತ್ತು ಕತಾರ್ ಮಧ್ಯಸ್ಥಿಕೆದಾರರು ತಿಳಿಸಿದ್ದಾರೆ.
